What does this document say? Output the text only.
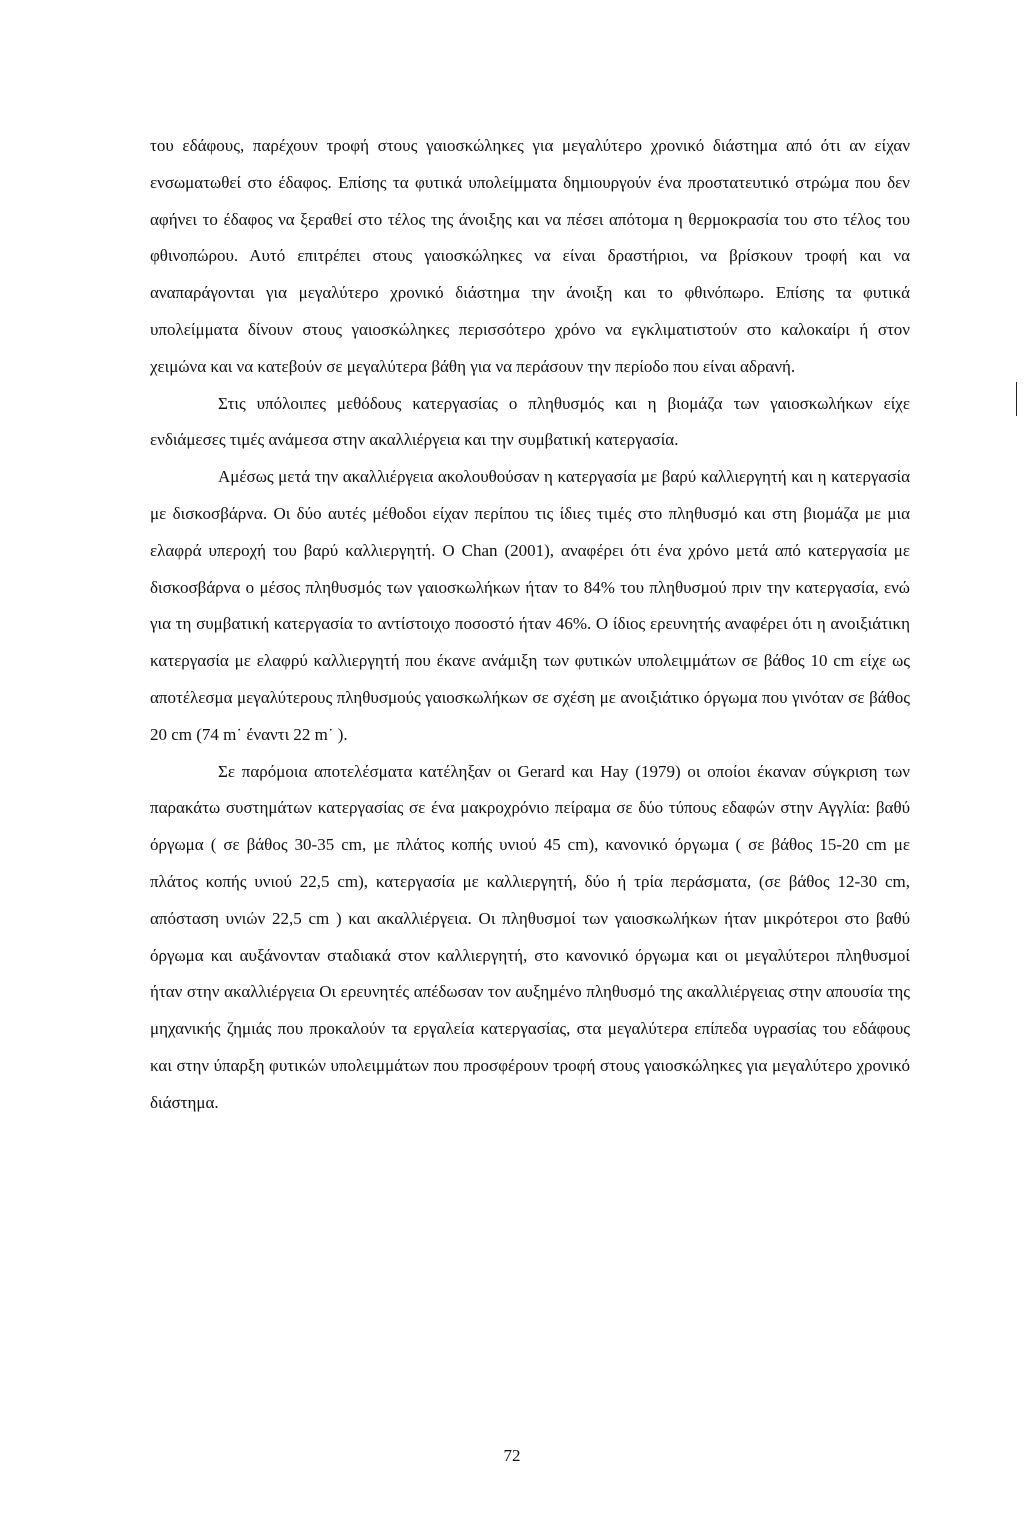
του εδάφους, παρέχουν τροφή στους γαιοσκώληκες για μεγαλύτερο χρονικό διάστημα από ότι αν είχαν ενσωματωθεί στο έδαφος. Επίσης τα φυτικά υπολείμματα δημιουργούν ένα προστατευτικό στρώμα που δεν αφήνει το έδαφος να ξεραθεί στο τέλος της άνοιξης και να πέσει απότομα η θερμοκρασία του στο τέλος του φθινοπώρου. Αυτό επιτρέπει στους γαιοσκώληκες να είναι δραστήριοι, να βρίσκουν τροφή και να αναπαράγονται για μεγαλύτερο χρονικό διάστημα την άνοιξη και το φθινόπωρο. Επίσης τα φυτικά υπολείμματα δίνουν στους γαιοσκώληκες περισσότερο χρόνο να εγκλιματιστούν στο καλοκαίρι ή στον χειμώνα και να κατεβούν σε μεγαλύτερα βάθη για να περάσουν την περίοδο που είναι αδρανή.

Στις υπόλοιπες μεθόδους κατεργασίας ο πληθυσμός και η βιομάζα των γαιοσκωλήκων είχε ενδιάμεσες τιμές ανάμεσα στην ακαλλιέργεια και την συμβατική κατεργασία.

Αμέσως μετά την ακαλλιέργεια ακολουθούσαν η κατεργασία με βαρύ καλλιεργητή και η κατεργασία με δισκοσβάρνα. Οι δύο αυτές μέθοδοι είχαν περίπου τις ίδιες τιμές στο πληθυσμό και στη βιομάζα με μια ελαφρά υπεροχή του βαρύ καλλιεργητή. Ο Chan (2001), αναφέρει ότι ένα χρόνο μετά από κατεργασία με δισκοσβάρνα ο μέσος πληθυσμός των γαιοσκωλήκων ήταν το 84% του πληθυσμού πριν την κατεργασία, ενώ για τη συμβατική κατεργασία το αντίστοιχο ποσοστό ήταν 46%. Ο ίδιος ερευνητής αναφέρει ότι η ανοιξιάτικη κατεργασία με ελαφρύ καλλιεργητή που έκανε ανάμιξη των φυτικών υπολειμμάτων σε βάθος 10 cm είχε ως αποτέλεσμα μεγαλύτερους πληθυσμούς γαιοσκωλήκων σε σχέση με ανοιξιάτικο όργωμα που γινόταν σε βάθος 20 cm (74 m˙ έναντι 22 m˙ ).

Σε παρόμοια αποτελέσματα κατέληξαν οι Gerard και Hay (1979) οι οποίοι έκαναν σύγκριση των παρακάτω συστημάτων κατεργασίας σε ένα μακροχρόνιο πείραμα σε δύο τύπους εδαφών στην Αγγλία: βαθύ όργωμα ( σε βάθος 30-35 cm, με πλάτος κοπής υνιού 45 cm), κανονικό όργωμα ( σε βάθος 15-20 cm με πλάτος κοπής υνιού 22,5 cm), κατεργασία με καλλιεργητή, δύο ή τρία περάσματα, (σε βάθος 12-30 cm, απόσταση υνιών 22,5 cm ) και ακαλλιέργεια. Οι πληθυσμοί των γαιοσκωλήκων ήταν μικρότεροι στο βαθύ όργωμα και αυξάνονταν σταδιακά στον καλλιεργητή, στο κανονικό όργωμα και οι μεγαλύτεροι πληθυσμοί ήταν στην ακαλλιέργεια Οι ερευνητές απέδωσαν τον αυξημένο πληθυσμό της ακαλλιέργειας στην απουσία της μηχανικής ζημιάς που προκαλούν τα εργαλεία κατεργασίας, στα μεγαλύτερα επίπεδα υγρασίας του εδάφους και στην ύπαρξη φυτικών υπολειμμάτων που προσφέρουν τροφή στους γαιοσκώληκες για μεγαλύτερο χρονικό διάστημα.

72
